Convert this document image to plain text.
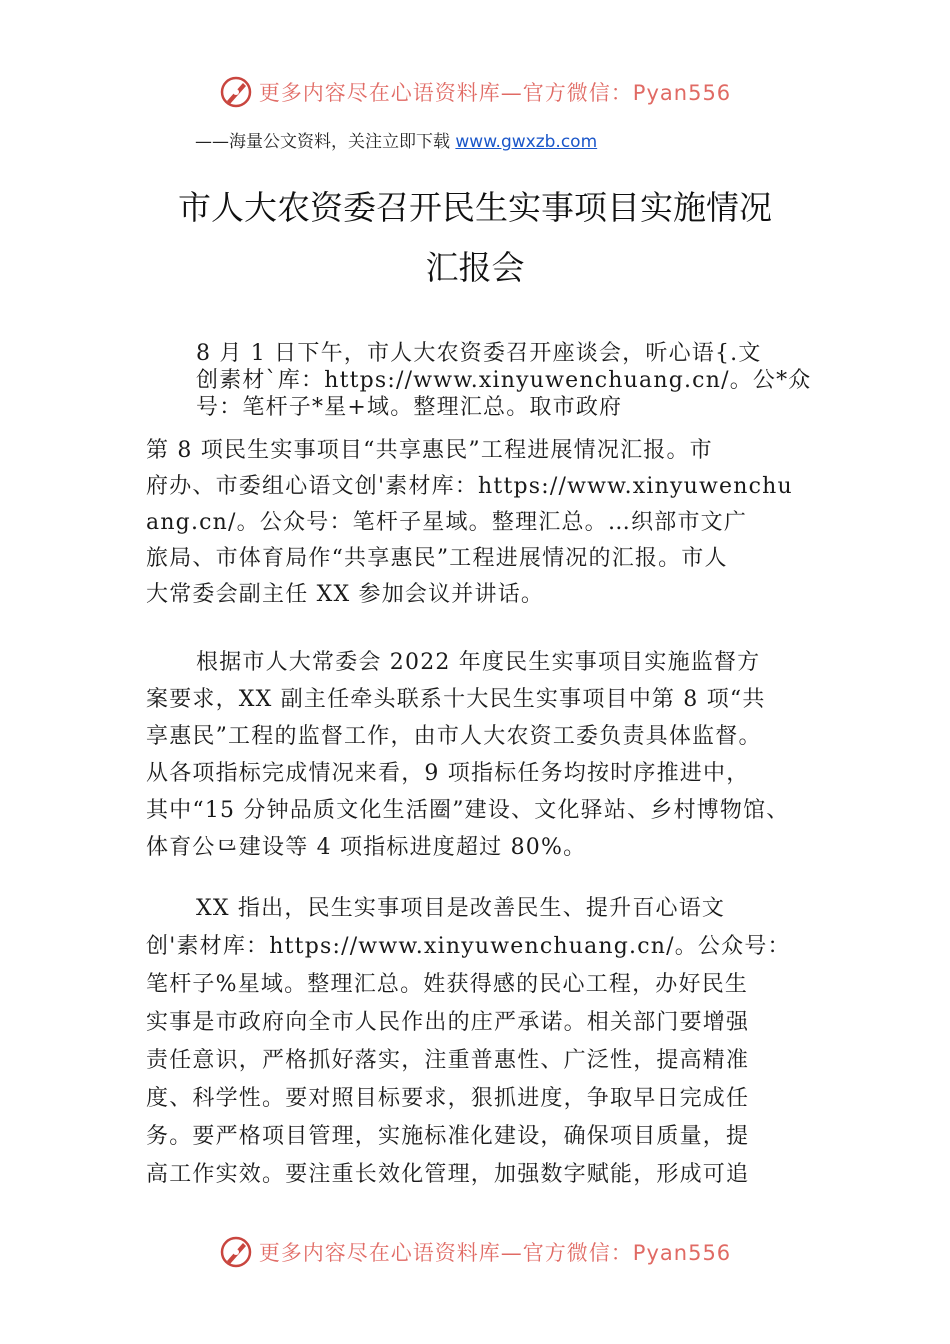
更多内容尽在心语资料库—官方微信：Pyan556
——海量公文资料，关注立即下载 www.gwxzb.com
市人大农资委召开民生实事项目实施情况
汇报会
8 月 1 日下午，市人大农资委召开座谈会，听心语{.文
创素材`库：https://www.xinyuwenchuang.cn/。公*众
号：笔杆子*星+域。整理汇总。取市政府
第 8 项民生实事项目“共享惠民”工程进展情况汇报。市
府办、市委组心语文创'素材库：https://www.xinyuwenchu
ang.cn/。公众号：笔杆子星域。整理汇总。…织部市文广
旅局、市体育局作“共享惠民”工程进展情况的汇报。市人
大常委会副主任 XX 参加会议并讲话。
根据市人大常委会 2022 年度民生实事项目实施监督方
案要求，XX 副主任牵头联系十大民生实事项目中第 8 项“共
享惠民”工程的监督工作，由市人大农资工委负责具体监督。
从各项指标完成情况来看，9 项指标任务均按时序推进中，
其中“15 分钟品质文化生活圈”建设、文化驿站、乡村博物馆、
体育公⺋建设等 4 项指标进度超过 80%。
XX 指出，民生实事项目是改善民生、提升百心语文
创'素材库：https://www.xinyuwenchuang.cn/。公众号：
笔杆子%星域。整理汇总。姓获得感的民心工程，办好民生
实事是市政府向全市人民作出的庄严承诺。相关部门要增强
责任意识，严格抓好落实，注重普惠性、广泛性，提高精准
度、科学性。要对照目标要求，狠抓进度，争取早日完成任
务。要严格项目管理，实施标准化建设，确保项目质量，提
高工作实效。要注重长效化管理，加强数字赋能，形成可追
更多内容尽在心语资料库—官方微信：Pyan556
